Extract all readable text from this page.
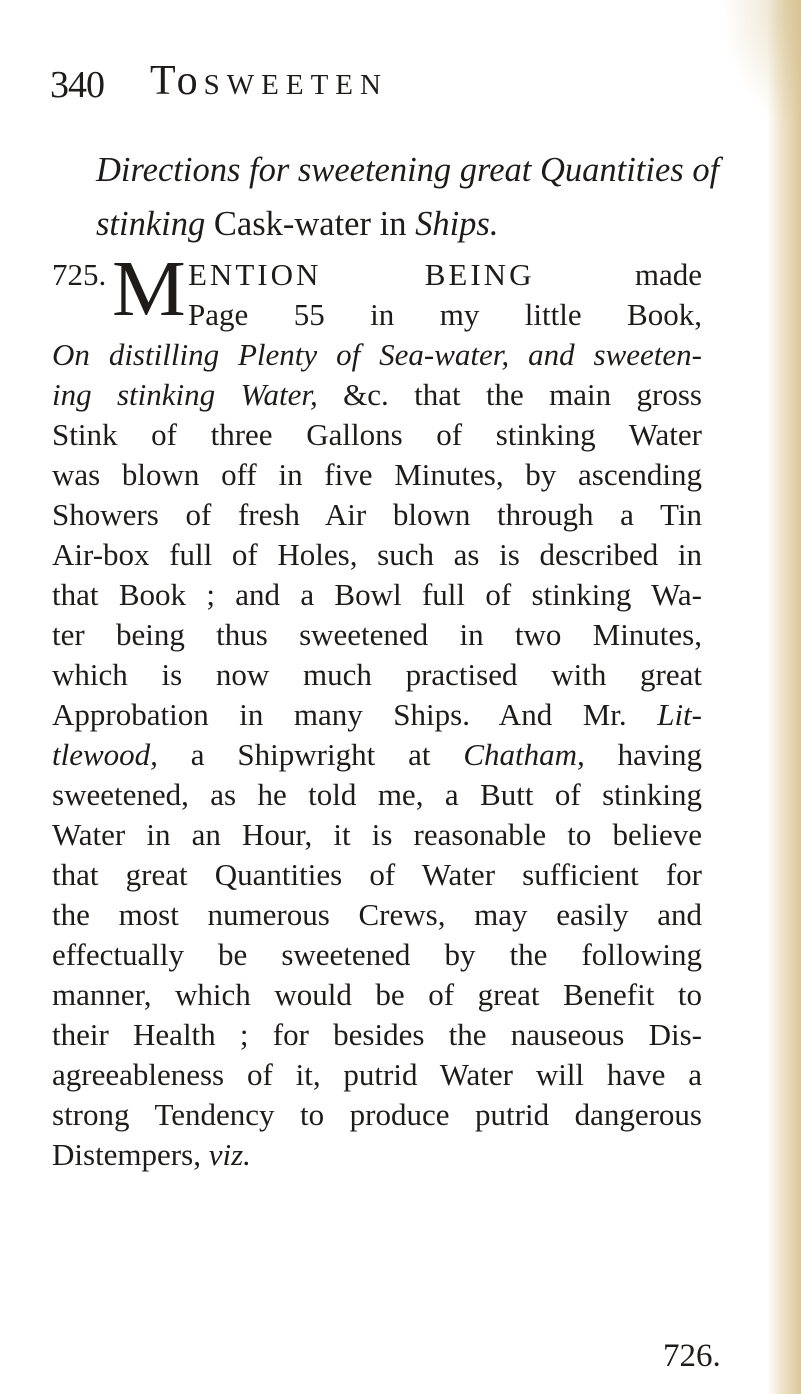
340 To SWEETEN
Directions for sweetening great Quantities of stinking Cask-water in Ships.
725. M ENTION BEING made
Page 55 in my little Book,
On distilling Plenty of Sea-water, and sweeten-
ing stinking Water, &c. that the main gross
Stink of three Gallons of stinking Water
was blown off in five Minutes, by ascending
Showers of fresh Air blown through a Tin
Air-box full of Holes, such as is described in
that Book ; and a Bowl full of stinking Wa-
ter being thus sweetened in two Minutes,
which is now much practised with great
Approbation in many Ships. And Mr. Lit-
tlewood, a Shipwright at Chatham, having
sweetened, as he told me, a Butt of stinking
Water in an Hour, it is reasonable to believe
that great Quantities of Water sufficient for
the most numerous Crews, may easily and
effectually be sweetened by the following
manner, which would be of great Benefit to
their Health ; for besides the nauseous Dis-
agreeableness of it, putrid Water will have a
strong Tendency to produce putrid dangerous
Distempers, viz.
726.
